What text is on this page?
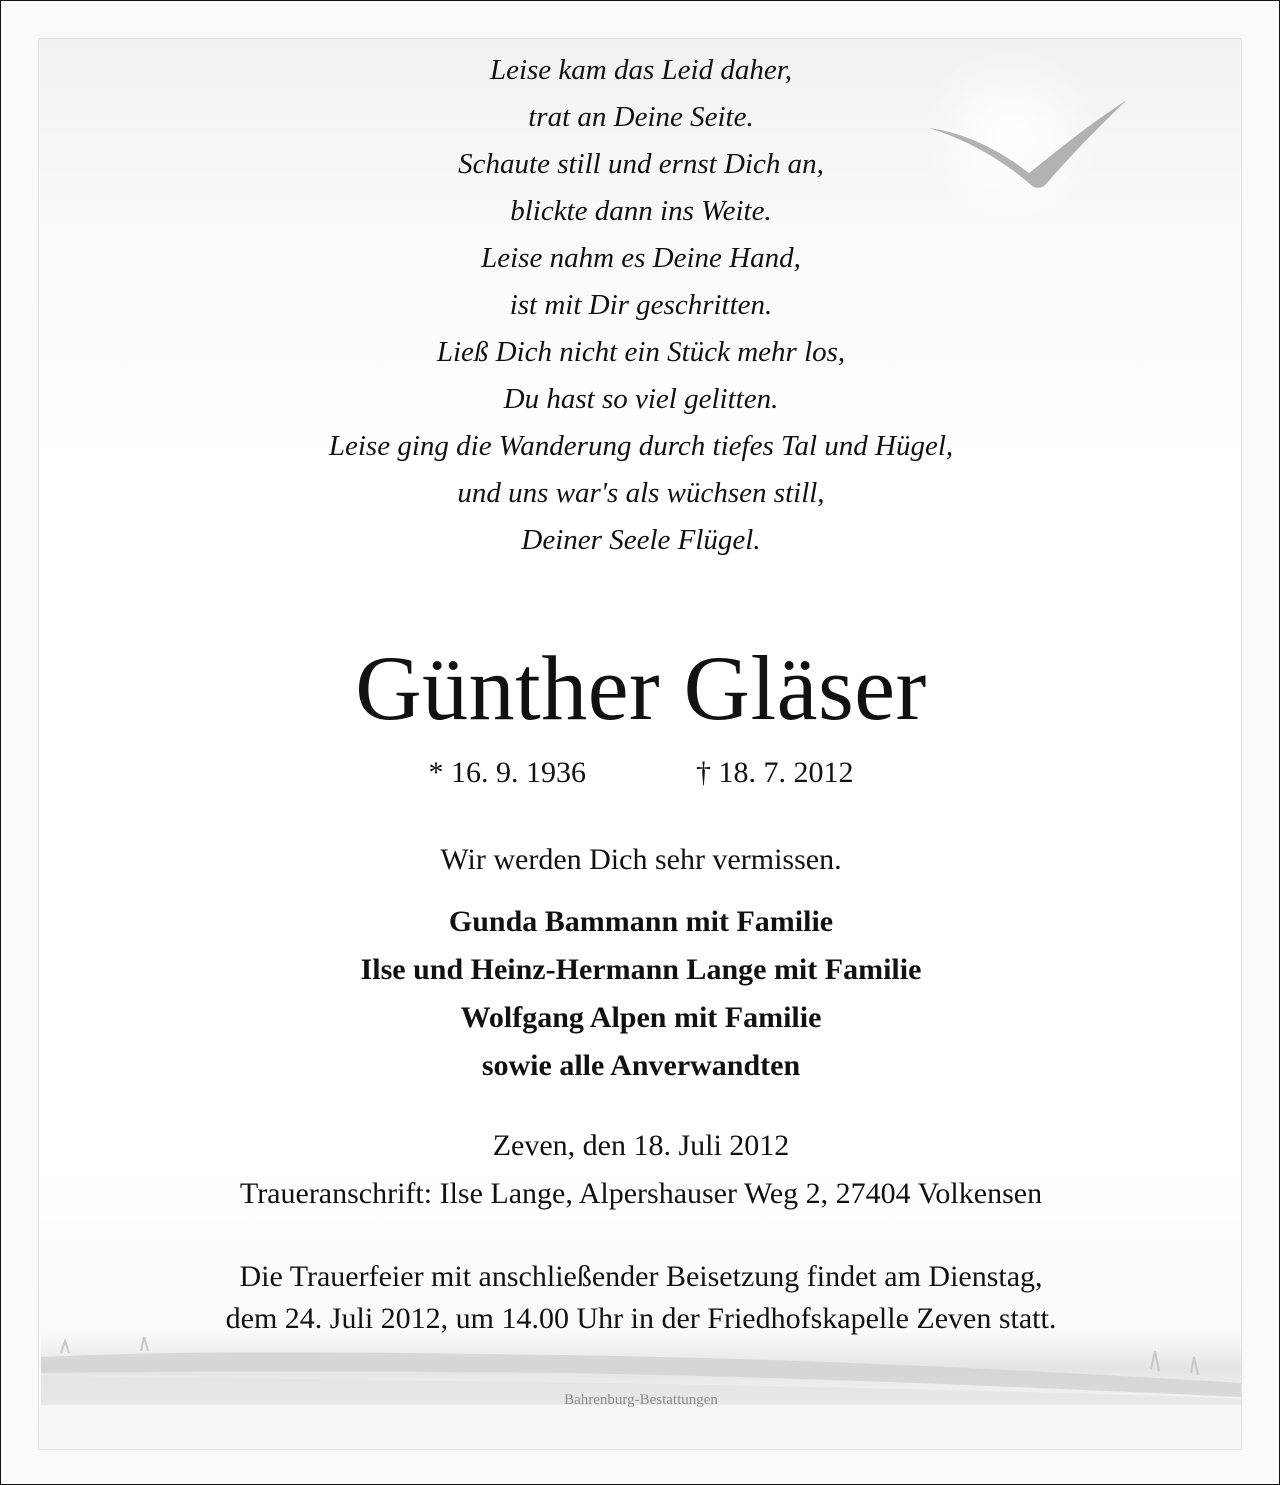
Leise kam das Leid daher,
trat an Deine Seite.
Schaute still und ernst Dich an,
blickte dann ins Weite.
Leise nahm es Deine Hand,
ist mit Dir geschritten.
Ließ Dich nicht ein Stück mehr los,
Du hast so viel gelitten.
Leise ging die Wanderung durch tiefes Tal und Hügel,
und uns war's als wüchsen still,
Deiner Seele Flügel.
Günther Gläser
* 16. 9. 1936	† 18. 7. 2012
Wir werden Dich sehr vermissen.
Gunda Bammann mit Familie
Ilse und Heinz-Hermann Lange mit Familie
Wolfgang Alpen mit Familie
sowie alle Anverwandten
Zeven, den 18. Juli 2012
Traueranschrift: Ilse Lange, Alpershauser Weg 2, 27404 Volkensen
Die Trauerfeier mit anschließender Beisetzung findet am Dienstag,
dem 24. Juli 2012, um 14.00 Uhr in der Friedhofskapelle Zeven statt.
Bahrenburg-Bestattungen
